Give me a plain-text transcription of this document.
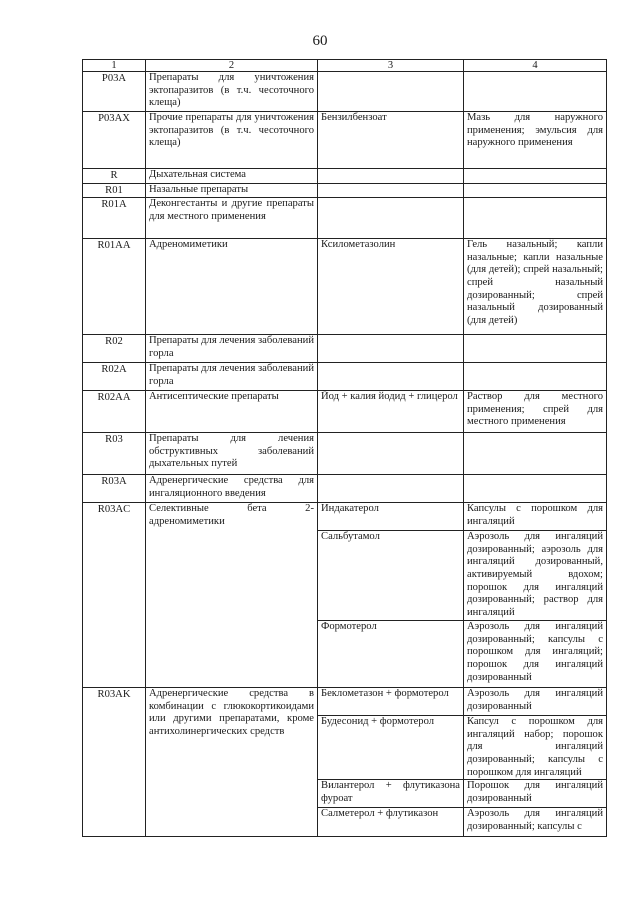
60
1	2	3	4
P03A	Препараты для уничтожения эктопаразитов (в т.ч. чесоточного клеща)		
P03AX	Прочие препараты для уничтожения эктопаразитов (в т.ч. чесоточного клеща)	Бензилбензоат	Мазь для наружного применения; эмульсия для наружного применения
R	Дыхательная система		
R01	Назальные препараты		
R01A	Деконгестанты и другие препараты для местного применения		
R01AA	Адреномиметики	Ксилометазолин	Гель назальный; капли назальные; капли назальные (для детей); спрей назальный; спрей назальный дозированный; спрей назальный дозированный (для детей)
R02	Препараты для лечения заболеваний горла		
R02A	Препараты для лечения заболеваний горла		
R02AA	Антисептические препараты	Йод + калия йодид + глицерол	Раствор для местного применения; спрей для местного применения
R03	Препараты для лечения обструктивных заболеваний дыхательных путей		
R03A	Адренергические средства для ингаляционного введения		
R03AC	Селективные бета 2-адреномиметики	Индакатерол	Капсулы с порошком для ингаляций
		Сальбутамол	Аэрозоль для ингаляций дозированный; аэрозоль для ингаляций дозированный, активируемый вдохом; порошок для ингаляций дозированный; раствор для ингаляций
		Формотерол	Аэрозоль для ингаляций дозированный; капсулы с порошком для ингаляций; порошок для ингаляций дозированный
R03AK	Адренергические средства в комбинации с глюкокортикоидами или другими препаратами, кроме антихолинергических средств	Беклометазон + формотерол	Аэрозоль для ингаляций дозированный
		Будесонид + формотерол	Капсул с порошком для ингаляций набор; порошок для ингаляций дозированный; капсулы с порошком для ингаляций
		Вилантерол + флутиказона фуроат	Порошок для ингаляций дозированный
		Салметерол + флутиказон	Аэрозоль для ингаляций дозированный; капсулы с
